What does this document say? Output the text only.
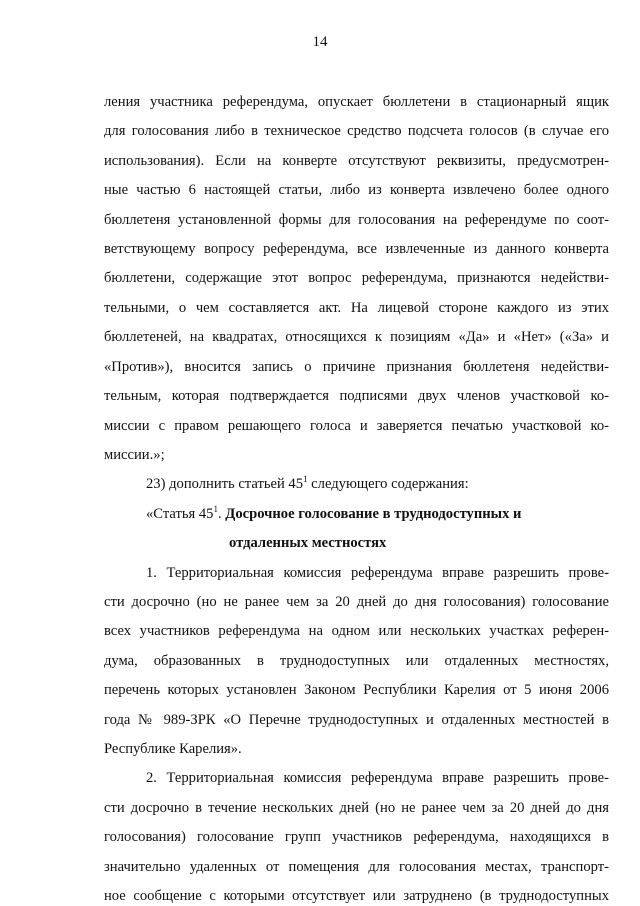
14
ления участника референдума, опускает бюллетени в стационарный ящик
для голосования либо в техническое средство подсчета голосов (в случае его
использования). Если на конверте отсутствуют реквизиты, предусмотрен-
ные частью 6 настоящей статьи, либо из конверта извлечено более одного
бюллетеня установленной формы для голосования на референдуме по соот-
ветствующему вопросу референдума, все извлеченные из данного конверта
бюллетени, содержащие этот вопрос референдума, признаются недействи-
тельными, о чем составляется акт. На лицевой стороне каждого из этих
бюллетеней, на квадратах, относящихся к позициям «Да» и «Нет» («За» и
«Против»), вносится запись о причине признания бюллетеня недействи-
тельным, которая подтверждается подписями двух членов участковой ко-
миссии с правом решающего голоса и заверяется печатью участковой ко-
миссии.»;
23) дополнить статьей $45^1$ следующего содержания:
«Статья $45^1$. Досрочное голосование в труднодоступных и
отдаленных местностях
1. Территориальная комиссия референдума вправе разрешить прове-
сти досрочно (но не ранее чем за 20 дней до дня голосования) голосование
всех участников референдума на одном или нескольких участках референ-
дума, образованных в труднодоступных или отдаленных местностях,
перечень которых установлен Законом Республики Карелия от 5 июня 2006
года № 989-ЗРК «О Перечне труднодоступных и отдаленных местностей в
Республике Карелия».
2. Территориальная комиссия референдума вправе разрешить прове-
сти досрочно в течение нескольких дней (но не ранее чем за 20 дней до дня
голосования) голосование групп участников референдума, находящихся в
значительно удаленных от помещения для голосования местах, транспорт-
ное сообщение с которыми отсутствует или затруднено (в труднодоступных
